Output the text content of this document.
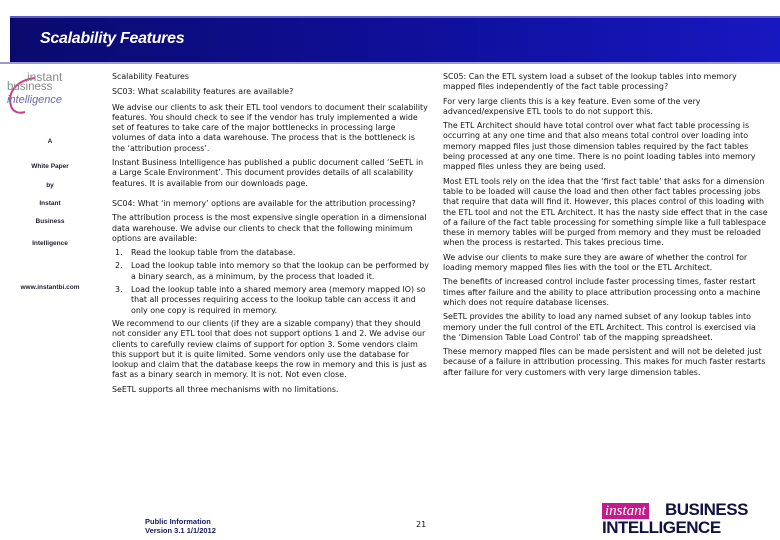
Scalability Features
instant
business
intelligence
A
White Paper
by
Instant
Business
Intelligence
www.instantbi.com

Scalability Features

SC03: What scalability features are available?

We advise our clients to ask their ETL tool vendors to document their scalability features. You should check to see if the vendor has truly implemented a wide set of features to take care of the major bottlenecks in processing large volumes of data into a data warehouse. The process that is the bottleneck is the ‘attribution process’.

Instant Business Intelligence has published a public document called ‘SeETL in a Large Scale Environment’. This document provides details of all scalability features. It is available from our downloads page.

SC04: What ‘in memory’ options are available for the attribution processing?

The attribution process is the most expensive single operation in a dimensional data warehouse. We advise our clients to check that the following minimum options are available:

1.	Read the lookup table from the database.
2.	Load the lookup table into memory so that the lookup can be performed by a binary search, as a minimum, by the process that loaded it.
3.	Load the lookup table into a shared memory area (memory mapped IO) so that all processes requiring access to the lookup table can access it and only one copy is required in memory.

We recommend to our clients (if they are a sizable company) that they should not consider any ETL tool that does not support options 1 and 2. We advise our clients to carefully review claims of support for option 3. Some vendors claim this support but it is quite limited. Some vendors only use the database for lookup and claim that the database keeps the row in memory and this is just as fast as a binary search in memory. It is not. Not even close.

SeETL supports all three mechanisms with no limitations.

SC05: Can the ETL system load a subset of the lookup tables into memory mapped files independently of the fact table processing?

For very large clients this is a key feature. Even some of the very advanced/expensive ETL tools to do not support this.

The ETL Architect should have total control over what fact table processing is occurring at any one time and that also means total control over loading into memory mapped files just those dimension tables required by the fact tables being processed at any one time. There is no point loading tables into memory mapped files unless they are being used.

Most ETL tools rely on the idea that the ‘first fact table’ that asks for a dimension table to be loaded will cause the load and then other fact tables processing jobs that require that data will find it. However, this places control of this loading with the ETL tool and not the ETL Architect. It has the nasty side effect that in the case of a failure of the fact table processing for something simple like a full tablespace these in memory tables will be purged from memory and they must be reloaded when the process is restarted. This takes precious time.

We advise our clients to make sure they are aware of whether the control for loading memory mapped files lies with the tool or the ETL Architect.

The benefits of increased control include faster processing times, faster restart times after failure and the ability to place attribution processing onto a machine which does not require database licenses.

SeETL provides the ability to load any named subset of any lookup tables into memory under the full control of the ETL Architect. This control is exercised via the ‘Dimension Table Load Control’ tab of the mapping spreadsheet.

These memory mapped files can be made persistent and will not be deleted just because of a failure in attribution processing. This makes for much faster restarts after failure for very customers with very large dimension tables.

Public Information
Version 3.1 1/1/2012
21
instant BUSINESS
INTELLIGENCE
